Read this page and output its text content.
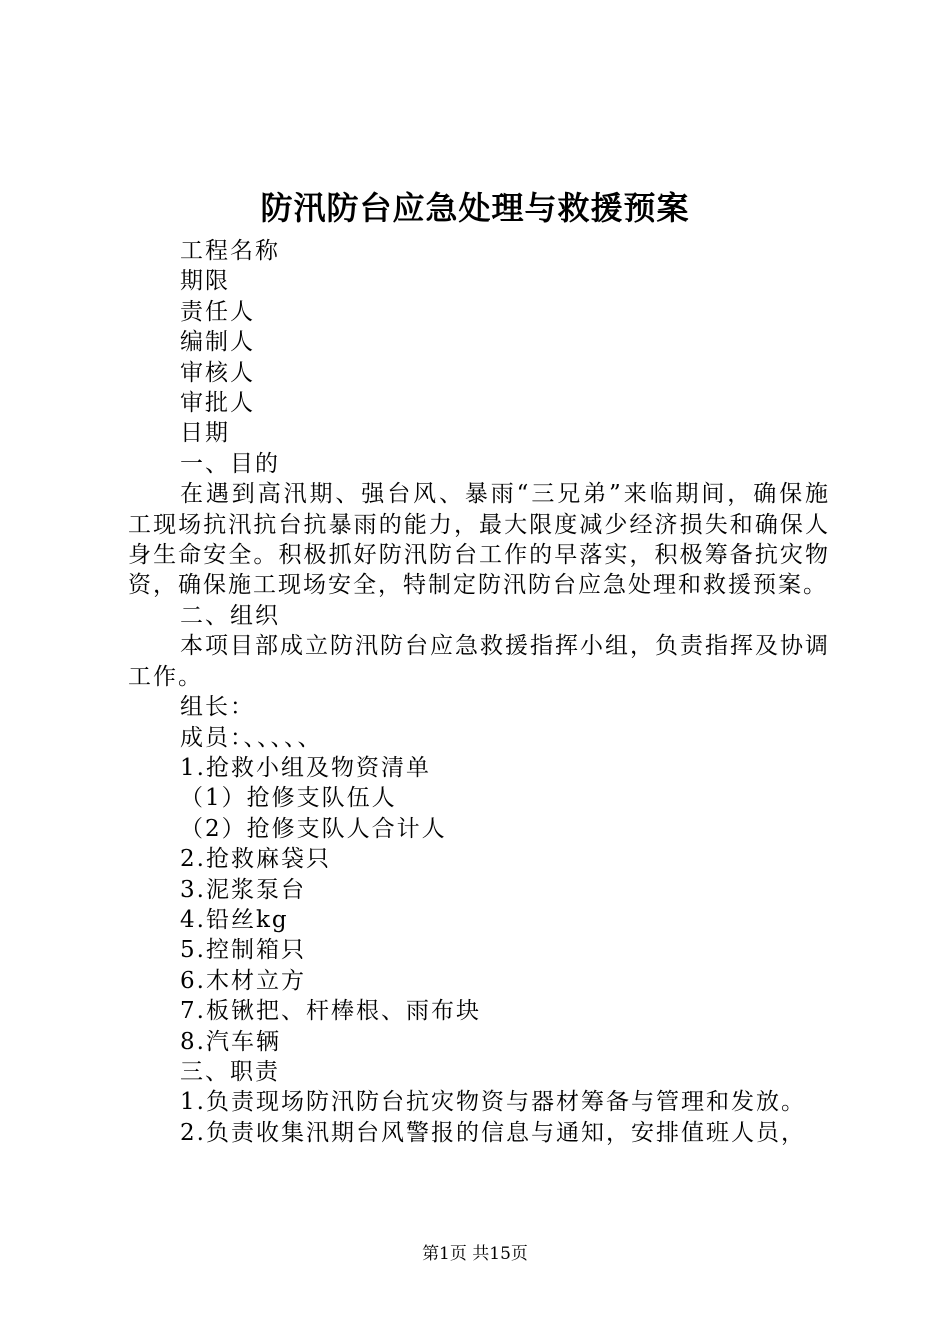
防汛防台应急处理与救援预案
工程名称
期限
责任人
编制人
审核人
审批人
日期
一、目的
在遇到高汛期、强台风、暴雨“三兄弟”来临期间，确保施工现场抗汛抗台抗暴雨的能力，最大限度减少经济损失和确保人身生命安全。积极抓好防汛防台工作的早落实，积极筹备抗灾物资，确保施工现场安全，特制定防汛防台应急处理和救援预案。
二、组织
本项目部成立防汛防台应急救援指挥小组，负责指挥及协调工作。
组长：
成员：、、、、、
1.抢救小组及物资清单
（1）抢修支队伍人
（2）抢修支队人合计人
2.抢救麻袋只
3.泥浆泵台
4.铅丝kg
5.控制箱只
6.木材立方
7.板锹把、杆棒根、雨布块
8.汽车辆
三、职责
1.负责现场防汛防台抗灾物资与器材筹备与管理和发放。
2.负责收集汛期台风警报的信息与通知，安排值班人员，
第1页 共15页
